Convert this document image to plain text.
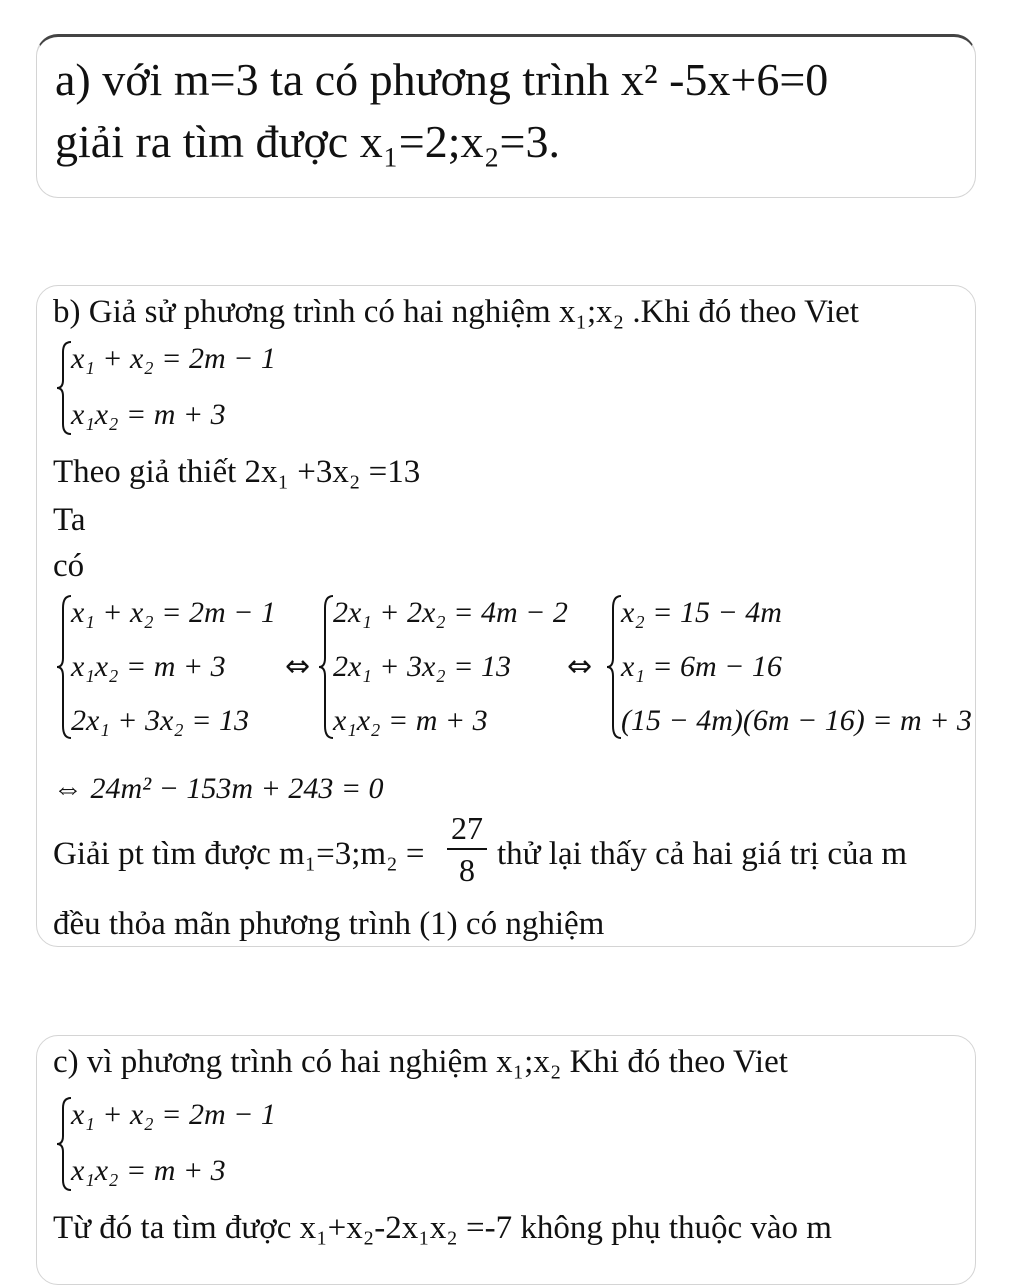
a) với m=3 ta có phương trình x² -5x+6=0
giải ra tìm được x₁=2;x₂=3.
b) Giả sử phương trình có hai nghiệm x₁;x₂ .Khi đó theo Viet
x₁ + x₂ = 2m − 1
x₁x₂ = m + 3
Theo giả thiết 2x₁ +3x₂ =13
Ta
có
x₁ + x₂ = 2m − 1
x₁x₂ = m + 3
2x₁ + 3x₂ = 13
⇔
2x₁ + 2x₂ = 4m − 2
2x₁ + 3x₂ = 13
x₁x₂ = m + 3
⇔
x₂ = 15 − 4m
x₁ = 6m − 16
(15 − 4m)(6m − 16) = m + 3
⇔ 24m² − 153m + 243 = 0
Giải pt tìm được m₁=3;m₂ =
27
8 thử lại thấy cả hai giá trị của m
đều thỏa mãn phương trình (1) có nghiệm
c) vì phương trình có hai nghiệm x₁;x₂ Khi đó theo Viet
x₁ + x₂ = 2m − 1
x₁x₂ = m + 3
Từ đó ta tìm được x₁+x₂-2x₁x₂ =-7 không phụ thuộc vào m
